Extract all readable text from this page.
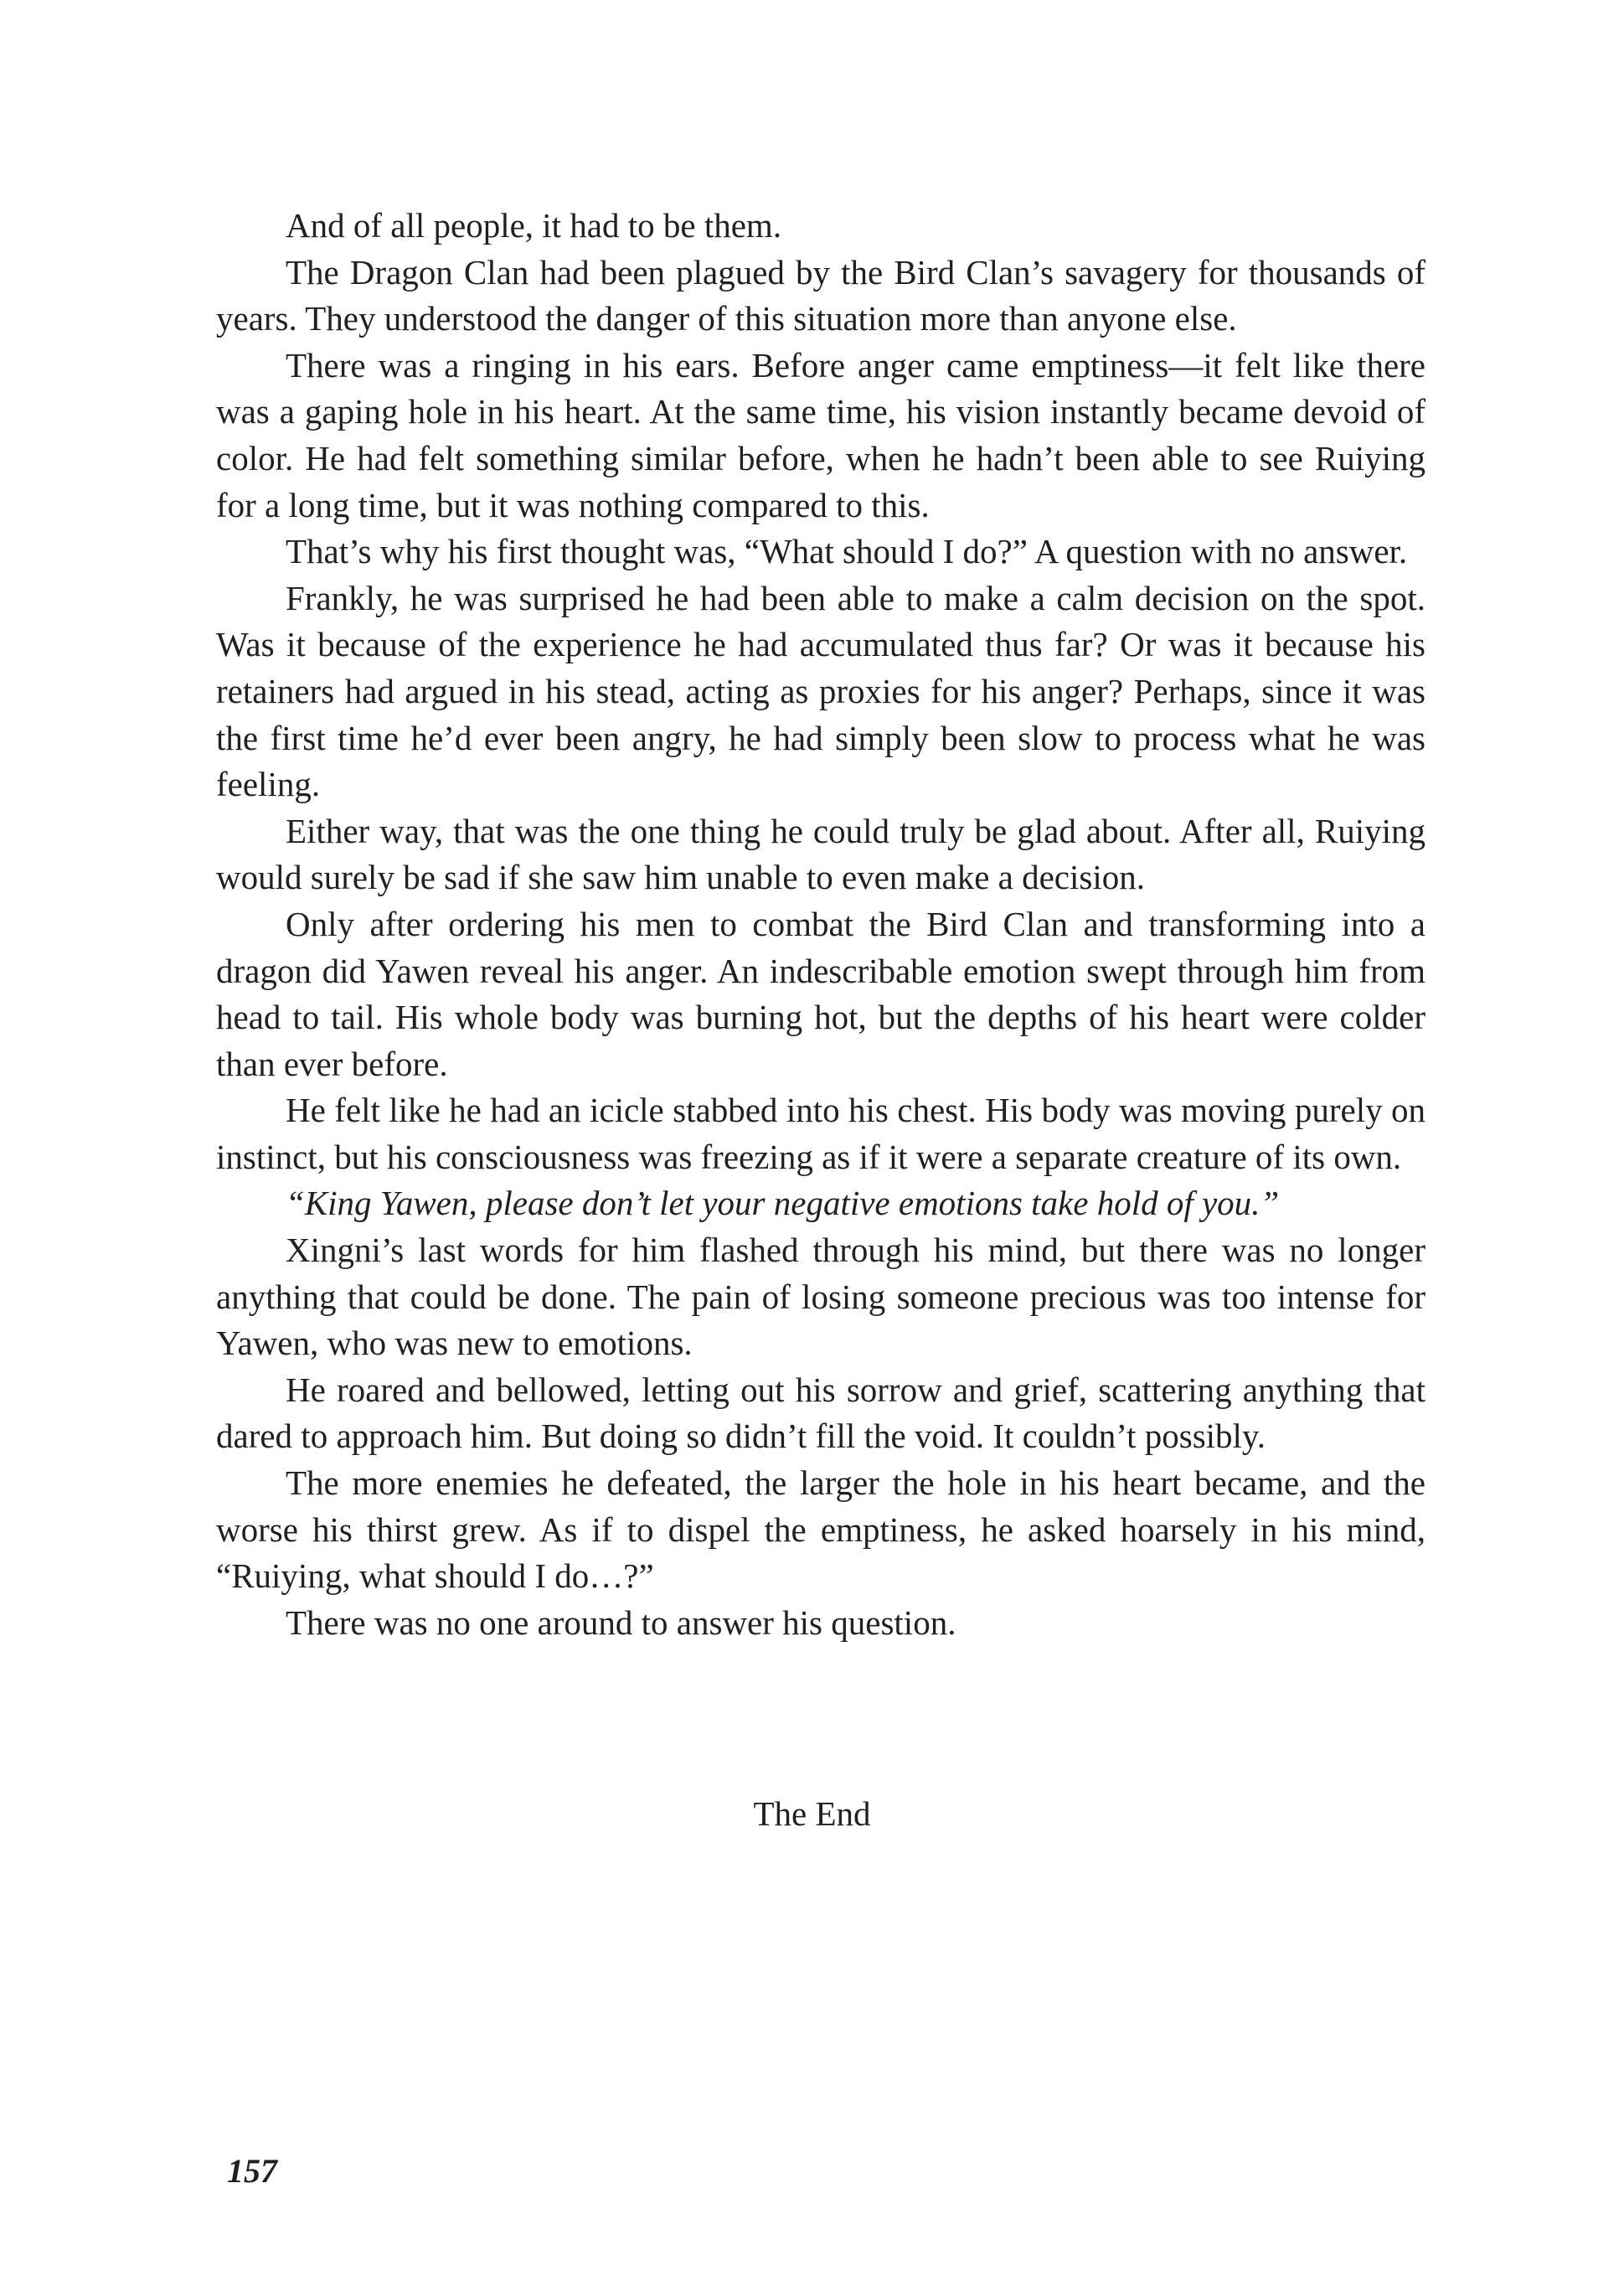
And of all people, it had to be them.

The Dragon Clan had been plagued by the Bird Clan’s savagery for thousands of years. They understood the danger of this situation more than anyone else.

There was a ringing in his ears. Before anger came emptiness—it felt like there was a gaping hole in his heart. At the same time, his vision instantly became devoid of color. He had felt something similar before, when he hadn’t been able to see Ruiying for a long time, but it was nothing compared to this.

That’s why his first thought was, “What should I do?” A question with no answer.

Frankly, he was surprised he had been able to make a calm decision on the spot. Was it because of the experience he had accumulated thus far? Or was it because his retainers had argued in his stead, acting as proxies for his anger? Perhaps, since it was the first time he’d ever been angry, he had simply been slow to process what he was feeling.

Either way, that was the one thing he could truly be glad about. After all, Ruiying would surely be sad if she saw him unable to even make a decision.

Only after ordering his men to combat the Bird Clan and transforming into a dragon did Yawen reveal his anger. An indescribable emotion swept through him from head to tail. His whole body was burning hot, but the depths of his heart were colder than ever before.

He felt like he had an icicle stabbed into his chest. His body was moving purely on instinct, but his consciousness was freezing as if it were a separate creature of its own.

“King Yawen, please don’t let your negative emotions take hold of you.”

Xingni’s last words for him flashed through his mind, but there was no longer anything that could be done. The pain of losing someone precious was too intense for Yawen, who was new to emotions.

He roared and bellowed, letting out his sorrow and grief, scattering anything that dared to approach him. But doing so didn’t fill the void. It couldn’t possibly.

The more enemies he defeated, the larger the hole in his heart became, and the worse his thirst grew. As if to dispel the emptiness, he asked hoarsely in his mind, “Ruiying, what should I do…?”

There was no one around to answer his question.

The End
157
